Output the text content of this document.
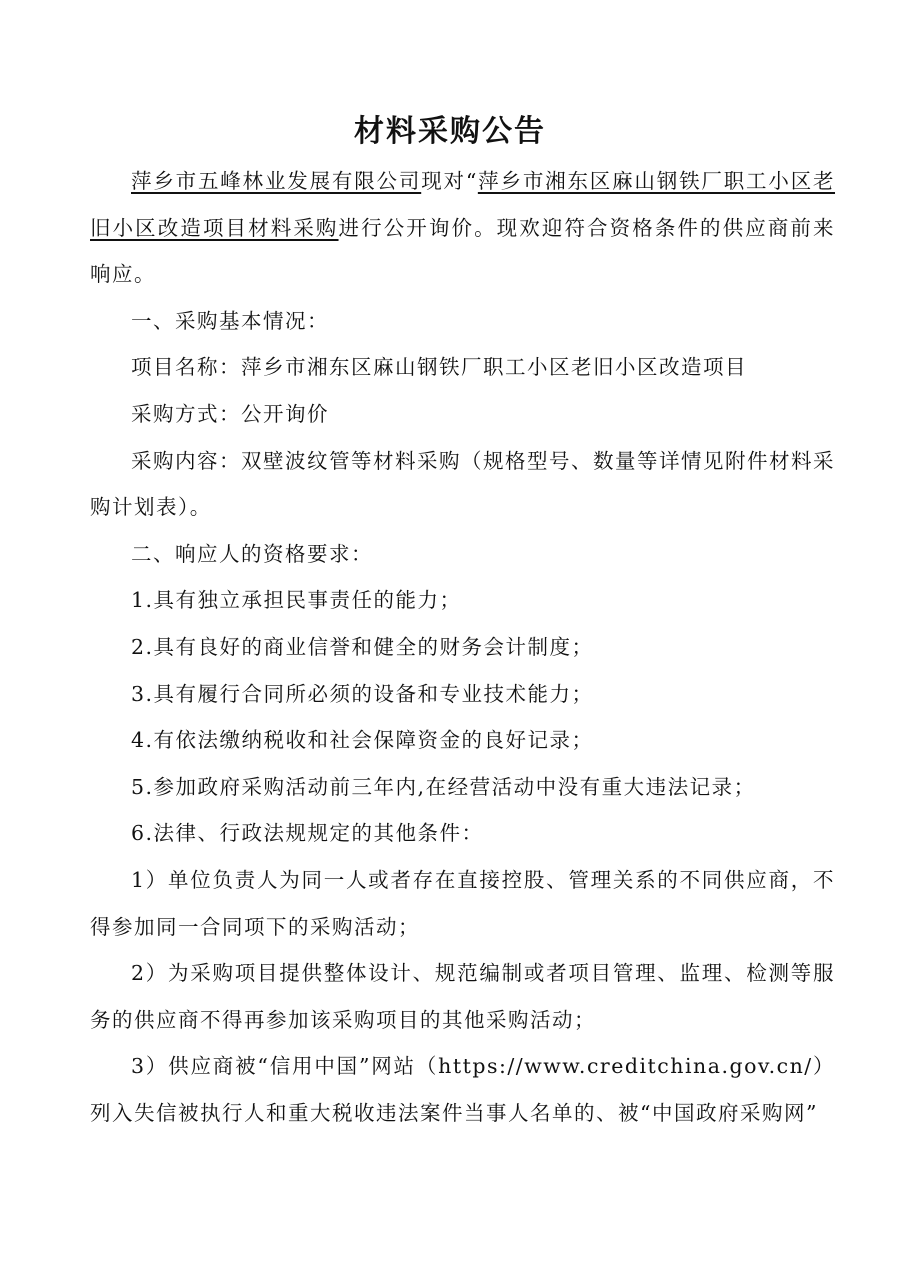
材料采购公告

萍乡市五峰林业发展有限公司现对“萍乡市湘东区麻山钢铁厂职工小区老旧小区改造项目材料采购进行公开询价。现欢迎符合资格条件的供应商前来响应。

一、采购基本情况：

项目名称：萍乡市湘东区麻山钢铁厂职工小区老旧小区改造项目

采购方式：公开询价

采购内容：双壁波纹管等材料采购（规格型号、数量等详情见附件材料采购计划表）。

二、响应人的资格要求：

1.具有独立承担民事责任的能力；

2.具有良好的商业信誉和健全的财务会计制度；

3.具有履行合同所必须的设备和专业技术能力；

4.有依法缴纳税收和社会保障资金的良好记录；

5.参加政府采购活动前三年内,在经营活动中没有重大违法记录；

6.法律、行政法规规定的其他条件：

1）单位负责人为同一人或者存在直接控股、管理关系的不同供应商，不得参加同一合同项下的采购活动；

2）为采购项目提供整体设计、规范编制或者项目管理、监理、检测等服务的供应商不得再参加该采购项目的其他采购活动；

3）供应商被“信用中国”网站（https://www.creditchina.gov.cn/）列入失信被执行人和重大税收违法案件当事人名单的、被“中国政府采购网”
